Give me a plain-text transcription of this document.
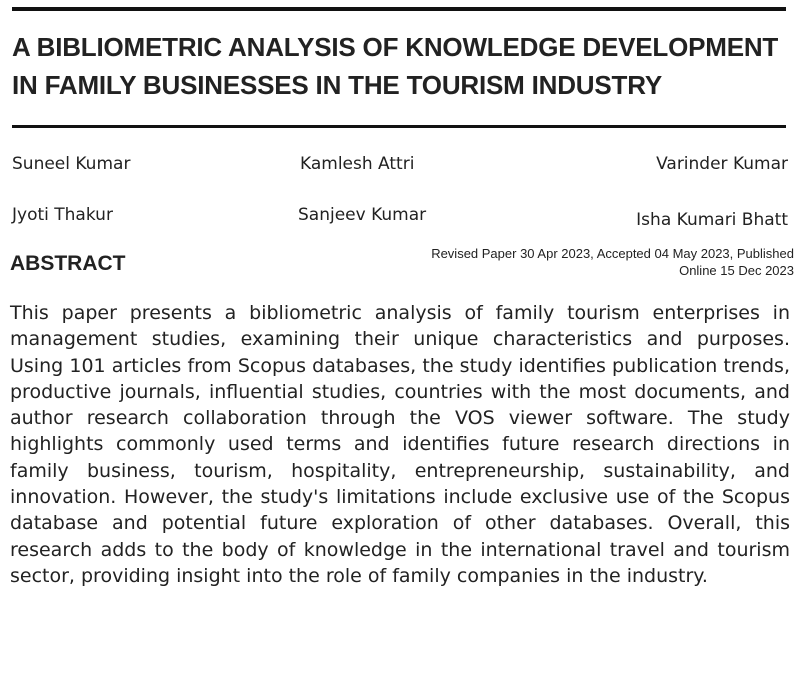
A BIBLIOMETRIC ANALYSIS OF KNOWLEDGE DEVELOPMENT IN FAMILY BUSINESSES IN THE TOURISM INDUSTRY
Suneel Kumar	Kamlesh Attri	Varinder Kumar
Jyoti Thakur	Sanjeev Kumar	Isha Kumari Bhatt
ABSTRACT	Revised Paper 30 Apr 2023, Accepted 04 May 2023, Published
Online 15 Dec 2023

This paper presents a bibliometric analysis of family tourism enterprises in management studies, examining their unique characteristics and purposes. Using 101 articles from Scopus databases, the study identifies publication trends, productive journals, influential studies, countries with the most documents, and author research collaboration through the VOS viewer software. The study highlights commonly used terms and identifies future research directions in family business, tourism, hospitality, entrepreneurship, sustainability, and innovation. However, the study's limitations include exclusive use of the Scopus database and potential future exploration of other databases. Overall, this research adds to the body of knowledge in the international travel and tourism sector, providing insight into the role of family companies in the industry.
